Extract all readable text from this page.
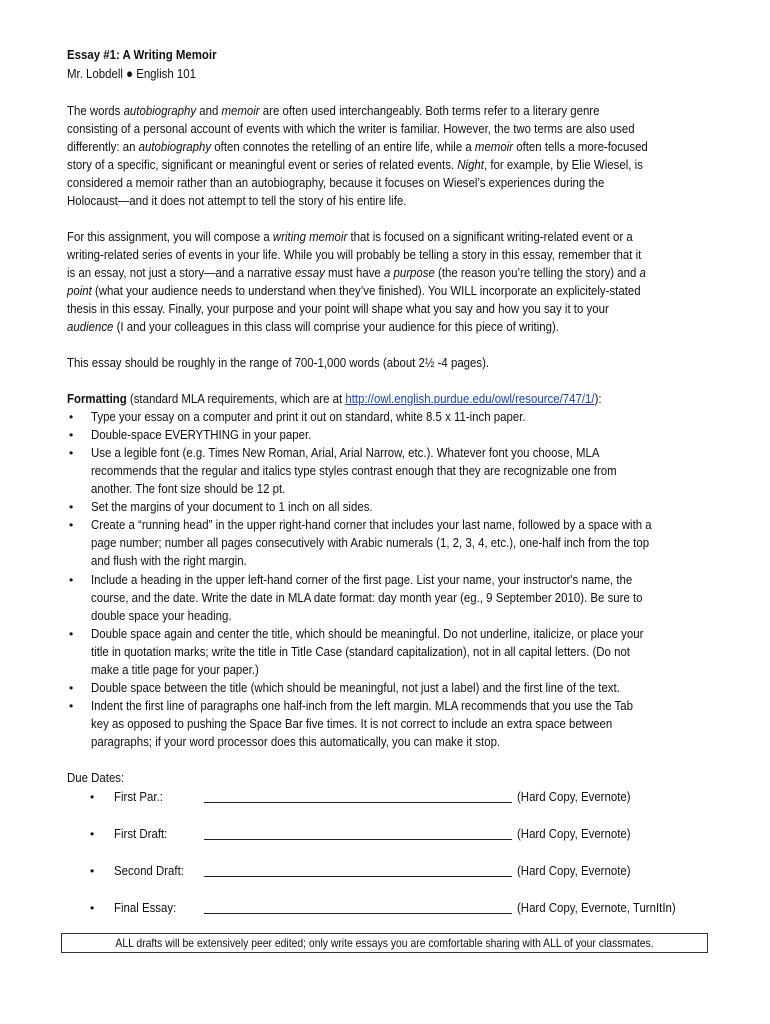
Essay #1: A Writing Memoir
Mr. Lobdell ● English 101
The words autobiography and memoir are often used interchangeably. Both terms refer to a literary genre
consisting of a personal account of events with which the writer is familiar. However, the two terms are also used
differently: an autobiography often connotes the retelling of an entire life, while a memoir often tells a more-focused
story of a specific, significant or meaningful event or series of related events. Night, for example, by Elie Wiesel, is
considered a memoir rather than an autobiography, because it focuses on Wiesel’s experiences during the
Holocaust—and it does not attempt to tell the story of his entire life.
For this assignment, you will compose a writing memoir that is focused on a significant writing-related event or a
writing-related series of events in your life. While you will probably be telling a story in this essay, remember that it
is an essay, not just a story—and a narrative essay must have a purpose (the reason you’re telling the story) and a
point (what your audience needs to understand when they’ve finished). You WILL incorporate an explicitely-stated
thesis in this essay. Finally, your purpose and your point will shape what you say and how you say it to your
audience (I and your colleagues in this class will comprise your audience for this piece of writing).
This essay should be roughly in the range of 700-1,000 words (about 2½ -4 pages).
Formatting (standard MLA requirements, which are at http://owl.english.purdue.edu/owl/resource/747/1/):
• Type your essay on a computer and print it out on standard, white 8.5 x 11-inch paper.
• Double-space EVERYTHING in your paper.
• Use a legible font (e.g. Times New Roman, Arial, Arial Narrow, etc.). Whatever font you choose, MLA
recommends that the regular and italics type styles contrast enough that they are recognizable one from
another. The font size should be 12 pt.
• Set the margins of your document to 1 inch on all sides.
• Create a “running head” in the upper right-hand corner that includes your last name, followed by a space with a
page number; number all pages consecutively with Arabic numerals (1, 2, 3, 4, etc.), one-half inch from the top
and flush with the right margin.
• Include a heading in the upper left-hand corner of the first page. List your name, your instructor's name, the
course, and the date. Write the date in MLA date format: day month year (eg., 9 September 2010). Be sure to
double space your heading.
• Double space again and center the title, which should be meaningful. Do not underline, italicize, or place your
title in quotation marks; write the title in Title Case (standard capitalization), not in all capital letters. (Do not
make a title page for your paper.)
• Double space between the title (which should be meaningful, not just a label) and the first line of the text.
• Indent the first line of paragraphs one half-inch from the left margin. MLA recommends that you use the Tab
key as opposed to pushing the Space Bar five times. It is not correct to include an extra space between
paragraphs; if your word processor does this automatically, you can make it stop.
Due Dates:
• First Par.:	(Hard Copy, Evernote)
• First Draft:	(Hard Copy, Evernote)
• Second Draft:	(Hard Copy, Evernote)
• Final Essay:	(Hard Copy, Evernote, TurnItIn)
ALL drafts will be extensively peer edited; only write essays you are comfortable sharing with ALL of your classmates.
